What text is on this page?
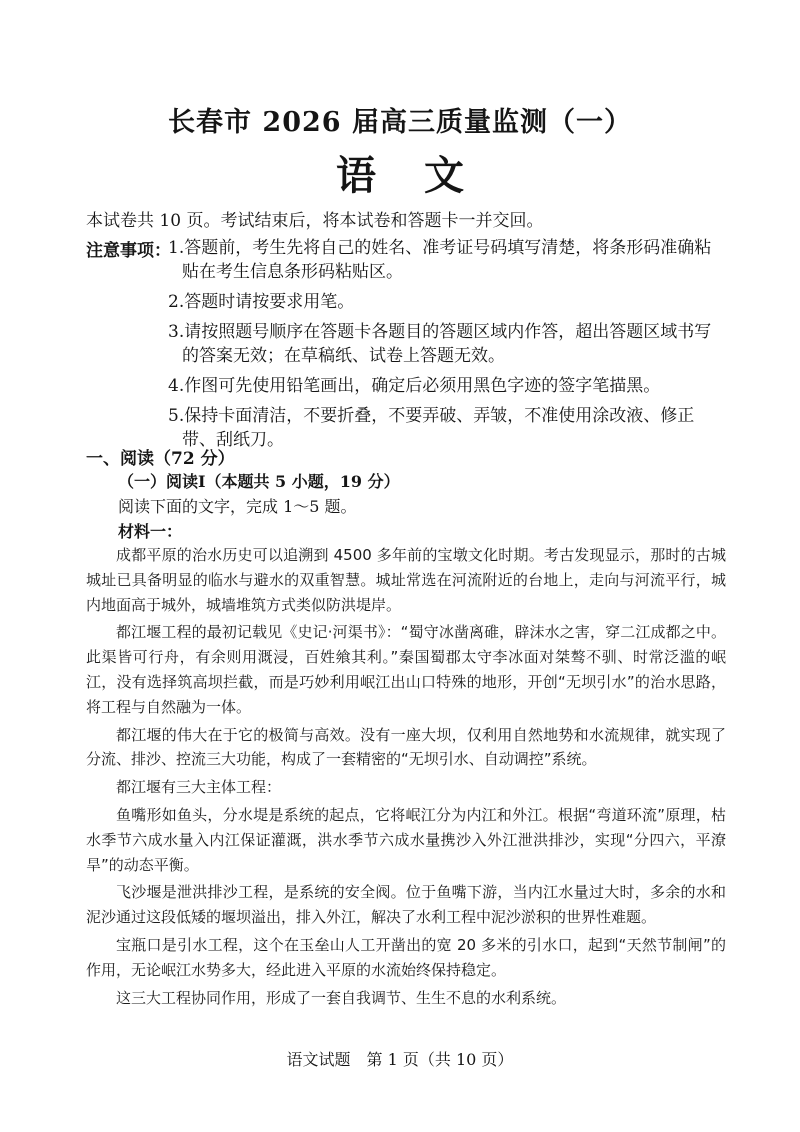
长春市 2026 届高三质量监测（一）
语文
本试卷共 10 页。考试结束后，将本试卷和答题卡一并交回。
注意事项：
1.答题前，考生先将自己的姓名、准考证号码填写清楚，将条形码准确粘贴在考生信息条形码粘贴区。
2.答题时请按要求用笔。
3.请按照题号顺序在答题卡各题目的答题区域内作答，超出答题区域书写的答案无效；在草稿纸、试卷上答题无效。
4.作图可先使用铅笔画出，确定后必须用黑色字迹的签字笔描黑。
5.保持卡面清洁，不要折叠，不要弄破、弄皱，不准使用涂改液、修正带、刮纸刀。
一、阅读（72 分）
（一）阅读Ⅰ（本题共 5 小题，19 分）
阅读下面的文字，完成 1～5 题。
材料一：

成都平原的治水历史可以追溯到 4500 多年前的宝墩文化时期。考古发现显示，那时的古城城址已具备明显的临水与避水的双重智慧。城址常选在河流附近的台地上，走向与河流平行，城内地面高于城外，城墙堆筑方式类似防洪堤岸。

都江堰工程的最初记载见《史记·河渠书》：“蜀守冰凿离碓，辟沫水之害，穿二江成都之中。此渠皆可行舟，有余则用溉浸，百姓飨其利。”秦国蜀郡太守李冰面对桀骜不驯、时常泛滥的岷江，没有选择筑高坝拦截，而是巧妙利用岷江出山口特殊的地形，开创“无坝引水”的治水思路，将工程与自然融为一体。

都江堰的伟大在于它的极简与高效。没有一座大坝，仅利用自然地势和水流规律，就实现了分流、排沙、控流三大功能，构成了一套精密的“无坝引水、自动调控”系统。

都江堰有三大主体工程：

鱼嘴形如鱼头，分水堤是系统的起点，它将岷江分为内江和外江。根据“弯道环流”原理，枯水季节六成水量入内江保证灌溉，洪水季节六成水量携沙入外江泄洪排沙，实现“分四六，平潦旱”的动态平衡。

飞沙堰是泄洪排沙工程，是系统的安全阀。位于鱼嘴下游，当内江水量过大时，多余的水和泥沙通过这段低矮的堰坝溢出，排入外江，解决了水利工程中泥沙淤积的世界性难题。

宝瓶口是引水工程，这个在玉垒山人工开凿出的宽 20 多米的引水口，起到“天然节制闸”的作用，无论岷江水势多大，经此进入平原的水流始终保持稳定。

这三大工程协同作用，形成了一套自我调节、生生不息的水利系统。

语文试题　第 1 页（共 10 页）
